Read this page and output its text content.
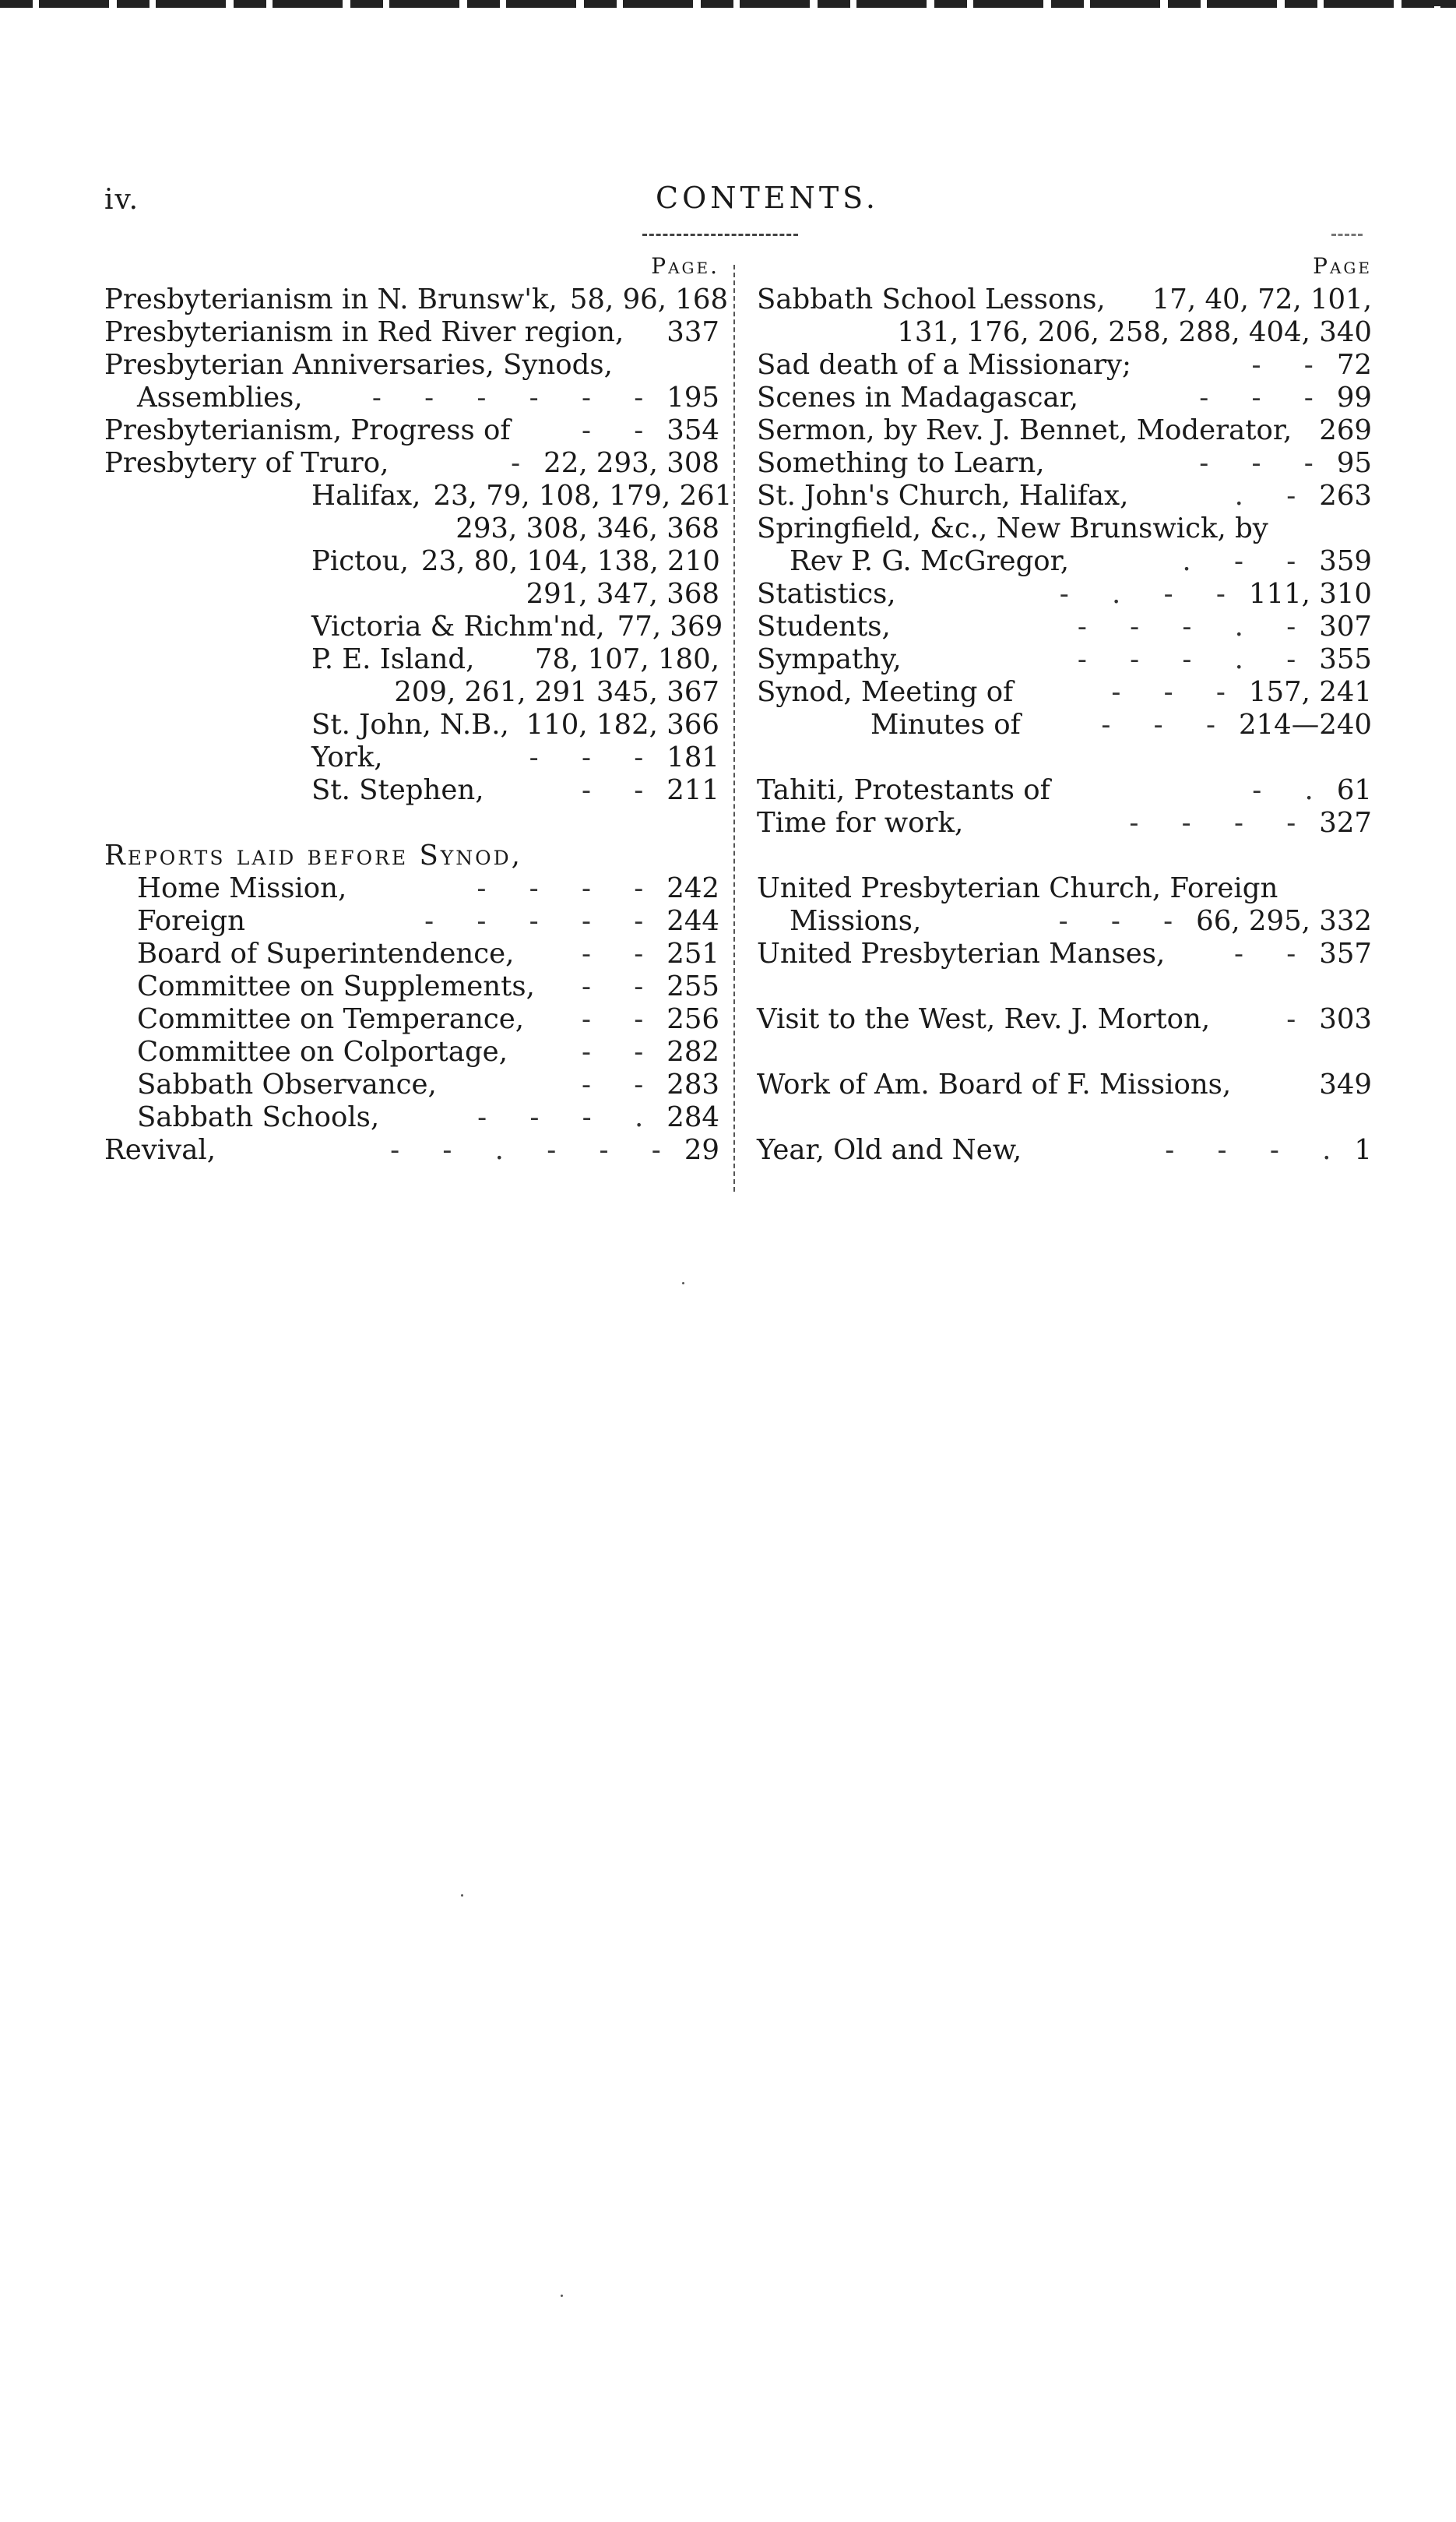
iv.	CONTENTS.
Page.
Presbyterianism in N. Brunsw'k, 58, 96, 168
Presbyterianism in Red River region, 337
Presbyterian Anniversaries, Synods,
Assemblies,	- - - - - - 195
Presbyterianism, Progress of	- - 354
Presbytery of Truro,	- 22, 293, 308
Halifax, 23, 79, 108, 179, 261
293, 308, 346, 368
Pictou, 23, 80, 104, 138, 210
291, 347, 368
Victoria & Richm'nd, 77, 369
P. E. Island, 78, 107, 180,
209, 261, 291 345, 367
St. John, N.B., 110, 182, 366
York,	- - - 181
St. Stephen,	- - 211
Reports laid before Synod,
Home Mission,	- - - - 242
Foreign	- - - - - 244
Board of Superintendence,	- - 251
Committee on Supplements,	- - 255
Committee on Temperance,	- - 256
Committee on Colportage,	- - 282
Sabbath Observance,	- - 283
Sabbath Schools,	- - - . 284
Revival,	- - . - - - 29
Page
Sabbath School Lessons, 17, 40, 72, 101,
131, 176, 206, 258, 288, 404, 340
Sad death of a Missionary;	- - 72
Scenes in Madagascar,	- - - 99
Sermon, by Rev. J. Bennet, Moderator, 269
Something to Learn,	- - - 95
St. John's Church, Halifax,	. - 263
Springfield, &c., New Brunswick, by
Rev P. G. McGregor,	. - - 359
Statistics,	- . - - 111, 310
Students,	- - - . - 307
Sympathy,	- - - . - 355
Synod, Meeting of	- - - 157, 241
Minutes of	- - - 214—240
Tahiti, Protestants of	- . 61
Time for work,	- - - - 327
United Presbyterian Church, Foreign
Missions,	- - - 66, 295, 332
United Presbyterian Manses,	- - 357
Visit to the West, Rev. J. Morton,	- 303
Work of Am. Board of F. Missions,	349
Year, Old and New,	- - - . 1
